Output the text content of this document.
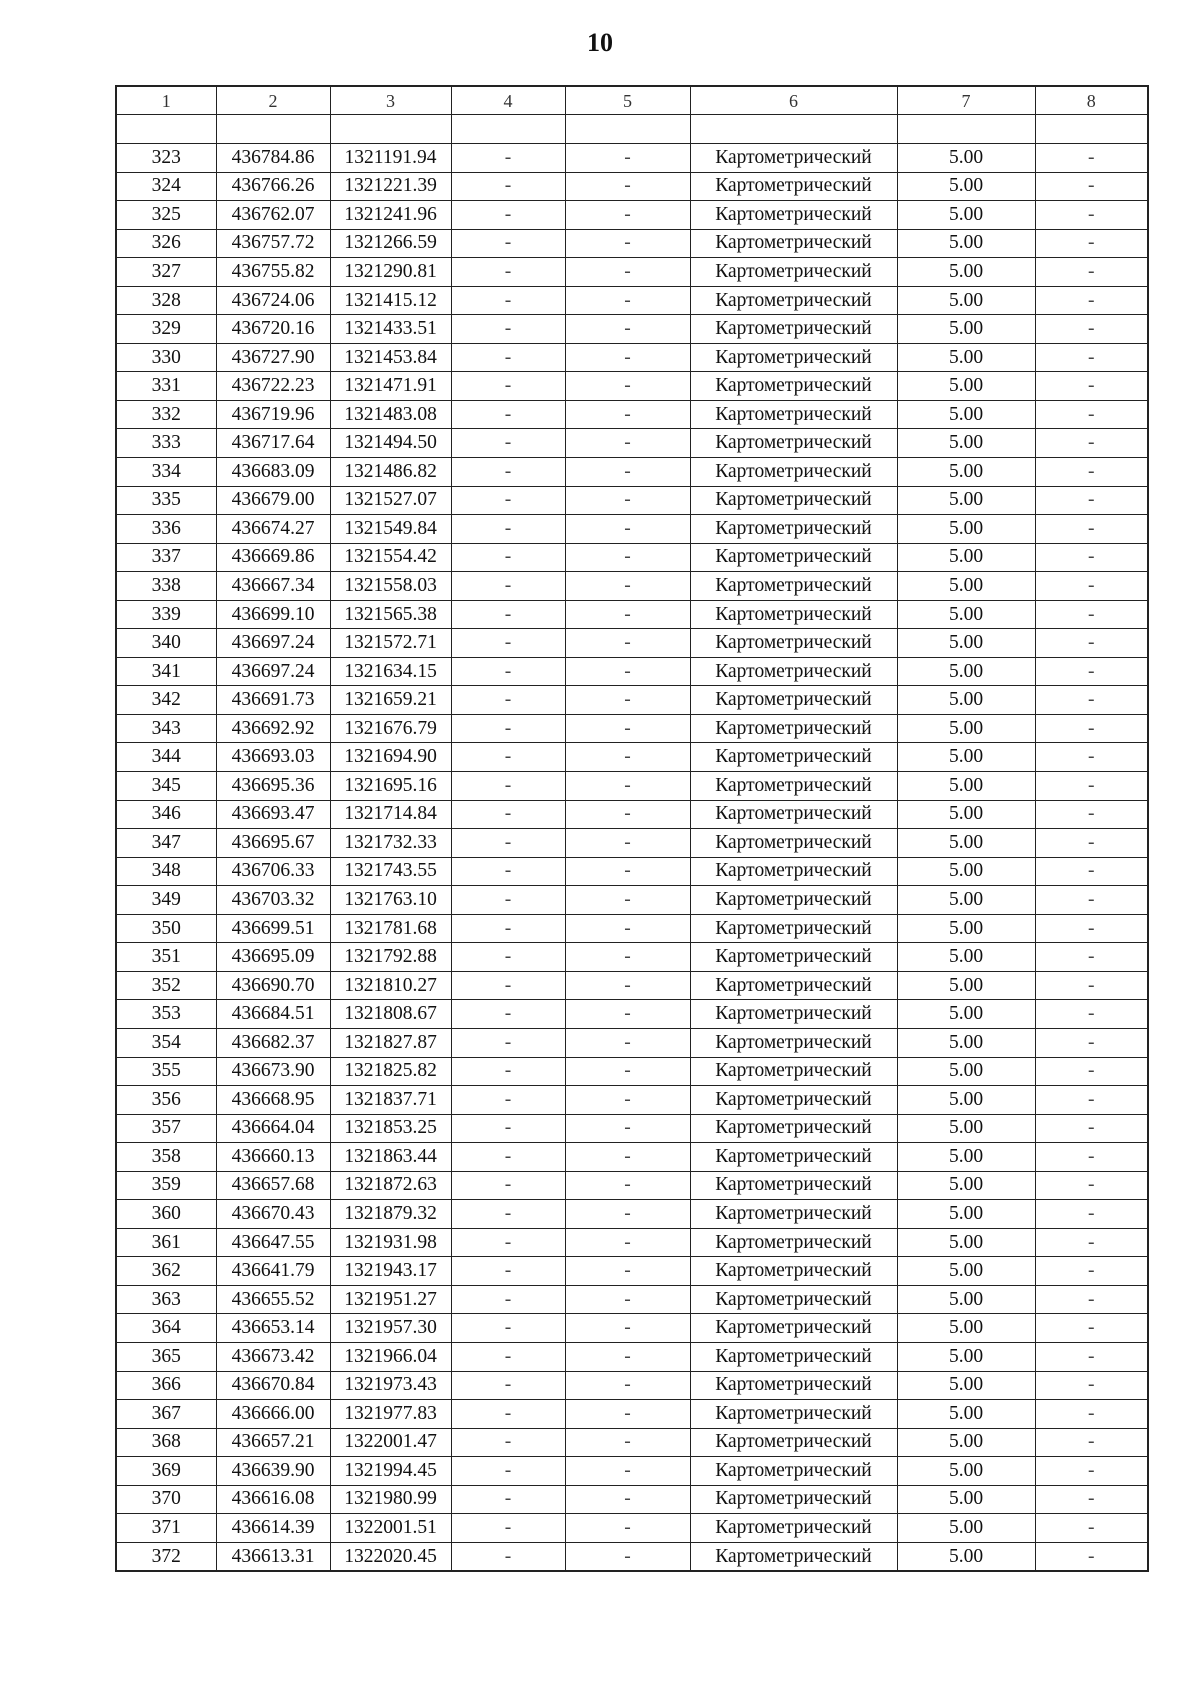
10
1	2	3	4	5	6	7	8

323	436784.86	1321191.94	-	-	Картометрический	5.00	-
324	436766.26	1321221.39	-	-	Картометрический	5.00	-
325	436762.07	1321241.96	-	-	Картометрический	5.00	-
326	436757.72	1321266.59	-	-	Картометрический	5.00	-
327	436755.82	1321290.81	-	-	Картометрический	5.00	-
328	436724.06	1321415.12	-	-	Картометрический	5.00	-
329	436720.16	1321433.51	-	-	Картометрический	5.00	-
330	436727.90	1321453.84	-	-	Картометрический	5.00	-
331	436722.23	1321471.91	-	-	Картометрический	5.00	-
332	436719.96	1321483.08	-	-	Картометрический	5.00	-
333	436717.64	1321494.50	-	-	Картометрический	5.00	-
334	436683.09	1321486.82	-	-	Картометрический	5.00	-
335	436679.00	1321527.07	-	-	Картометрический	5.00	-
336	436674.27	1321549.84	-	-	Картометрический	5.00	-
337	436669.86	1321554.42	-	-	Картометрический	5.00	-
338	436667.34	1321558.03	-	-	Картометрический	5.00	-
339	436699.10	1321565.38	-	-	Картометрический	5.00	-
340	436697.24	1321572.71	-	-	Картометрический	5.00	-
341	436697.24	1321634.15	-	-	Картометрический	5.00	-
342	436691.73	1321659.21	-	-	Картометрический	5.00	-
343	436692.92	1321676.79	-	-	Картометрический	5.00	-
344	436693.03	1321694.90	-	-	Картометрический	5.00	-
345	436695.36	1321695.16	-	-	Картометрический	5.00	-
346	436693.47	1321714.84	-	-	Картометрический	5.00	-
347	436695.67	1321732.33	-	-	Картометрический	5.00	-
348	436706.33	1321743.55	-	-	Картометрический	5.00	-
349	436703.32	1321763.10	-	-	Картометрический	5.00	-
350	436699.51	1321781.68	-	-	Картометрический	5.00	-
351	436695.09	1321792.88	-	-	Картометрический	5.00	-
352	436690.70	1321810.27	-	-	Картометрический	5.00	-
353	436684.51	1321808.67	-	-	Картометрический	5.00	-
354	436682.37	1321827.87	-	-	Картометрический	5.00	-
355	436673.90	1321825.82	-	-	Картометрический	5.00	-
356	436668.95	1321837.71	-	-	Картометрический	5.00	-
357	436664.04	1321853.25	-	-	Картометрический	5.00	-
358	436660.13	1321863.44	-	-	Картометрический	5.00	-
359	436657.68	1321872.63	-	-	Картометрический	5.00	-
360	436670.43	1321879.32	-	-	Картометрический	5.00	-
361	436647.55	1321931.98	-	-	Картометрический	5.00	-
362	436641.79	1321943.17	-	-	Картометрический	5.00	-
363	436655.52	1321951.27	-	-	Картометрический	5.00	-
364	436653.14	1321957.30	-	-	Картометрический	5.00	-
365	436673.42	1321966.04	-	-	Картометрический	5.00	-
366	436670.84	1321973.43	-	-	Картометрический	5.00	-
367	436666.00	1321977.83	-	-	Картометрический	5.00	-
368	436657.21	1322001.47	-	-	Картометрический	5.00	-
369	436639.90	1321994.45	-	-	Картометрический	5.00	-
370	436616.08	1321980.99	-	-	Картометрический	5.00	-
371	436614.39	1322001.51	-	-	Картометрический	5.00	-
372	436613.31	1322020.45	-	-	Картометрический	5.00	-
